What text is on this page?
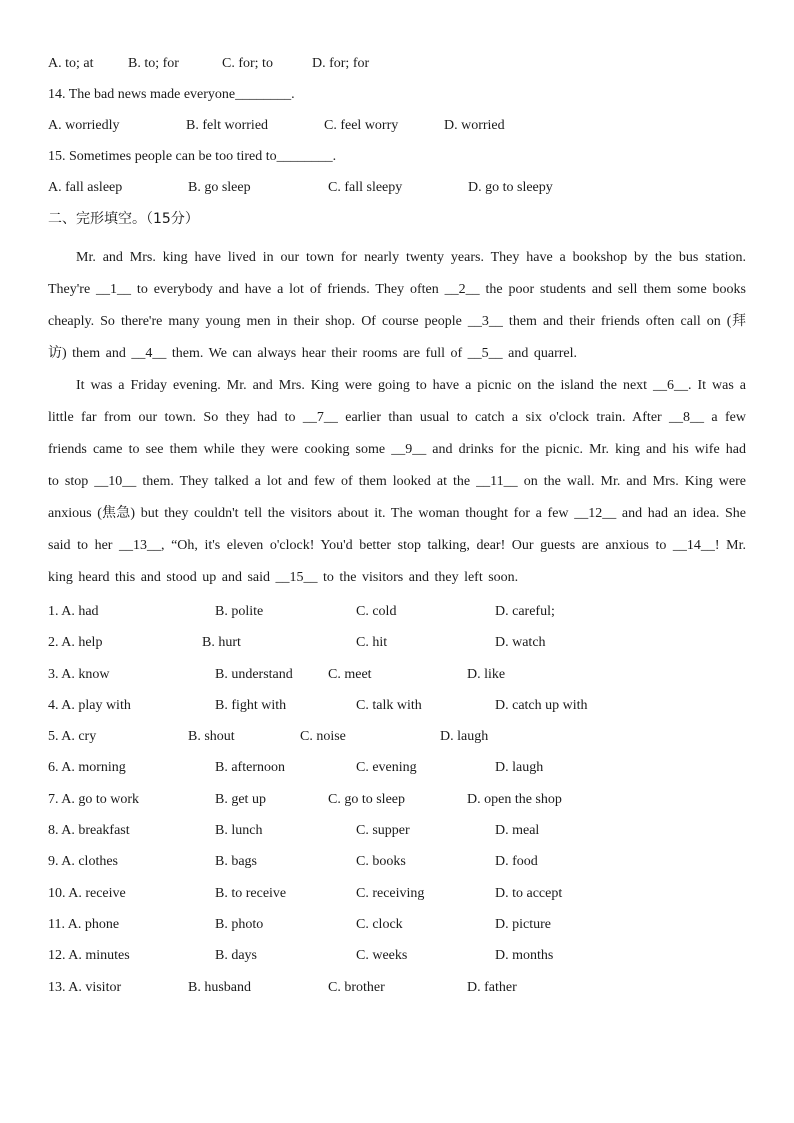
A. to; at B. to; for	C. for; to	D. for; for
14. The bad news made everyone________.
A. worriedly	B. felt worried	C. feel worry	D. worried
15. Sometimes people can be too tired to________.
A. fall asleep	B. go sleep	C. fall sleepy	D. go to sleepy
二、完形填空。（15分）
Mr. and Mrs. king have lived in our town for nearly twenty years. They have a bookshop by the bus station. They're __1__ to everybody and have a lot of friends. They often __2__ the poor students and sell them some books cheaply. So there're many young men in their shop. Of course people __3__ them and their friends often call on (拜访) them and __4__ them. We can always hear their rooms are full of __5__ and quarrel.
It was a Friday evening. Mr. and Mrs. King were going to have a picnic on the island the next __6__. It was a little far from our town. So they had to __7__ earlier than usual to catch a six o'clock train. After __8__ a few friends came to see them while they were cooking some __9__ and drinks for the picnic. Mr. king and his wife had to stop __10__ them. They talked a lot and few of them looked at the __11__ on the wall. Mr. and Mrs. King were anxious (焦急) but they couldn't tell the visitors about it. The woman thought for a few __12__ and had an idea. She said to her __13__, “Oh, it's eleven o'clock! You'd better stop talking, dear! Our guests are anxious to __14__! Mr. king heard this and stood up and said __15__ to the visitors and they left soon.
1. A. had	B. polite	C. cold	D. careful;
2. A. help	B. hurt	C. hit	D. watch
3. A. know	B. understand	C. meet	D. like
4. A. play with	B. fight with	C. talk with	D. catch up with
5. A. cry	B. shout	C. noise	D. laugh
6. A. morning	B. afternoon	C. evening	D. laugh
7. A. go to work	B. get up	C. go to sleep	D. open the shop
8. A. breakfast	B. lunch	C. supper	D. meal
9. A. clothes	B. bags	C. books	D. food
10. A. receive	B. to receive	C. receiving	D. to accept
11. A. phone	B. photo	C. clock	D. picture
12. A. minutes	B. days	C. weeks	D. months
13. A. visitor	B. husband	C. brother	D. father
